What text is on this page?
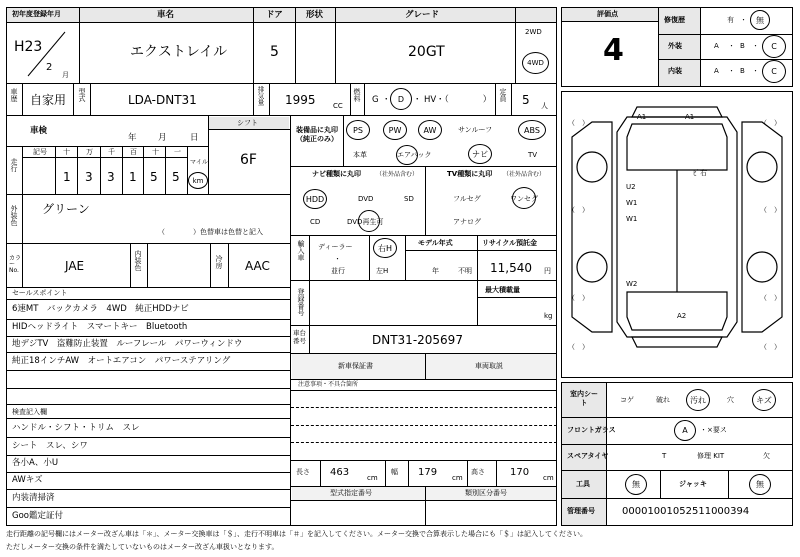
初年度登録年月	車名	ドア	形状	グレード
H23
2
月
エクストレイル	5	20GT
2WD
4WD
車歴 自家用 型式	LDA-DNT31	排気量 1995 CC
燃料 G ・ D ・ HV ・（　　　　） 定員 5 人
車検
年	月	日
シフト
6F
走行
記号 十 万 千 百 十 一
1 3 3 1 5 5
マイル
km
外装色 グリーン
（　　　　）色替車は色替と記入
カラーNo.	JAE	内装色	冷房 AAC
セールスポイント
6速MT　バックカメラ　4WD　純正HDDナビ
HIDヘッドライト　スマートキー　Bluetooth
地デジTV　盗難防止装置　ルーフレール　パワーウィンドウ
純正18インチAW　オートエアコン　パワーステアリング
検査記入欄
ハンドル・シフト・トリム　スレ
シート　スレ、シワ
各小A、小U
AWキズ
内装清掃済
Goo鑑定証付
装備品に丸印（純正のみ）
PS	PW	AW	サンルーフ	ABS
本革	エアバック	ナビ	TV
ナビ種類に丸印	（社外品含む）
HDD	DVD	SD
CD	DVD再生可
TV種類に丸印 （社外品含む）
フルセグ	ワンセグ
アナログ
輸入車 ディーラー
・
並行
右H
左H
モデル年式
年	不明
リサイクル預託金
11,540 円
登録番号	最大積載量
kg
車台番号	DNT31-205697
新車保証書	車両取説
注意事項・不具合箇所
長さ 463	cm
幅 179 cm
高さ	170 cm
型式指定番号	類別区分番号
評価点
4
修復歴	有 ・ 無
外装	A ・ B ・ C
内装	A ・ B ・ C
A1	A1
U2
W1
W1
W2
A2
ﾋﾞ右
（　）	（　）
（　）	（　）
（　）	（　）
（　）	（　）
室内シート	コゲ	破れ	汚れ	穴	キズ
フロントガラス	A ・×要ス
スペアタイヤ	T	修理 KIT	欠
工具	無	ジャッキ	無
管理番号	0000100105251100039​4
走行距離の記号欄にはメーター改ざん車は「＊」、メーター交換車は「＄」、走行不明車は「＃」を記入してください。メーター交換で合算表示した場合にも「＄」は記入してください。
ただしメーター交換の条件を満たしていないものはメーター改ざん車扱いとなります。
